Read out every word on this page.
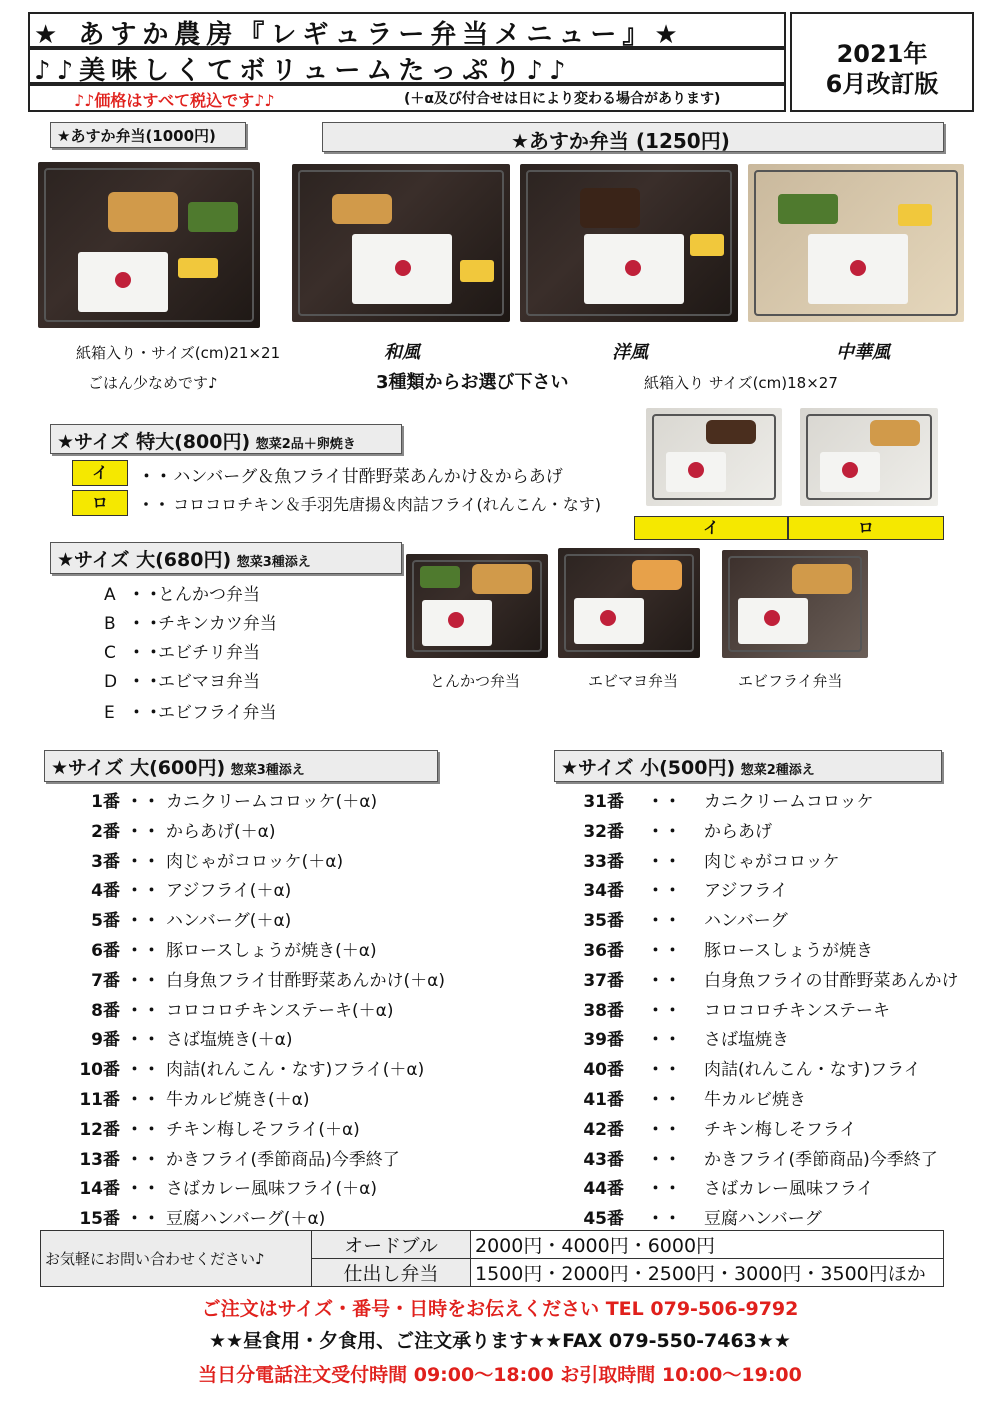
★ あすか農房『レギュラー弁当メニュー』★
♪♪美味しくてボリュームたっぷり♪♪
♪♪価格はすべて税込です♪♪	(＋α及び付合せは日により変わる場合があります)
2021年
6月改訂版
★あすか弁当(1000円)
紙箱入り・サイズ(cm)21×21
ごはん少なめです♪
★あすか弁当 (1250円)
和風	洋風	中華風
3種類からお選び下さい	紙箱入り サイズ(cm)18×27
★サイズ 特大(800円) 惣菜2品＋卵焼き
イ	・・ ハンバーグ＆魚フライ甘酢野菜あんかけ＆からあげ
ロ	・・ コロコロチキン＆手羽先唐揚＆肉詰フライ(れんこん・なす)
イ	ロ
★サイズ 大(680円) 惣菜3種添え
A ・・とんかつ弁当
B ・・チキンカツ弁当
C ・・エビチリ弁当
D ・・エビマヨ弁当
E ・・エビフライ弁当
とんかつ弁当	エビマヨ弁当	エビフライ弁当
★サイズ 大(600円) 惣菜3種添え
1番 ・・ カニクリームコロッケ(＋α)
2番 ・・ からあげ(＋α)
3番 ・・ 肉じゃがコロッケ(＋α)
4番 ・・ アジフライ(＋α)
5番 ・・ ハンバーグ(＋α)
6番 ・・ 豚ロースしょうが焼き(＋α)
7番 ・・ 白身魚フライ甘酢野菜あんかけ(＋α)
8番 ・・ コロコロチキンステーキ(＋α)
9番 ・・ さば塩焼き(＋α)
10番 ・・ 肉詰(れんこん・なす)フライ(＋α)
11番 ・・ 牛カルビ焼き(＋α)
12番 ・・ チキン梅しそフライ(＋α)
13番 ・・ かきフライ(季節商品)今季終了
14番 ・・ さばカレー風味フライ(＋α)
15番 ・・ 豆腐ハンバーグ(＋α)
★サイズ 小(500円) 惣菜2種添え
31番 ・・ カニクリームコロッケ
32番 ・・ からあげ
33番 ・・ 肉じゃがコロッケ
34番 ・・ アジフライ
35番 ・・ ハンバーグ
36番 ・・ 豚ロースしょうが焼き
37番 ・・ 白身魚フライの甘酢野菜あんかけ
38番 ・・ コロコロチキンステーキ
39番 ・・ さば塩焼き
40番 ・・ 肉詰(れんこん・なす)フライ
41番 ・・ 牛カルビ焼き
42番 ・・ チキン梅しそフライ
43番 ・・ かきフライ(季節商品)今季終了
44番 ・・ さばカレー風味フライ
45番 ・・ 豆腐ハンバーグ
お気軽にお問い合わせください♪	オードブル	2000円・4000円・6000円
	仕出し弁当	1500円・2000円・2500円・3000円・3500円ほか
ご注文はサイズ・番号・日時をお伝えください TEL 079-506-9792
★★昼食用・夕食用、ご注文承ります★★FAX 079-550-7463★★
当日分電話注文受付時間 09:00～18:00 お引取時間 10:00～19:00
